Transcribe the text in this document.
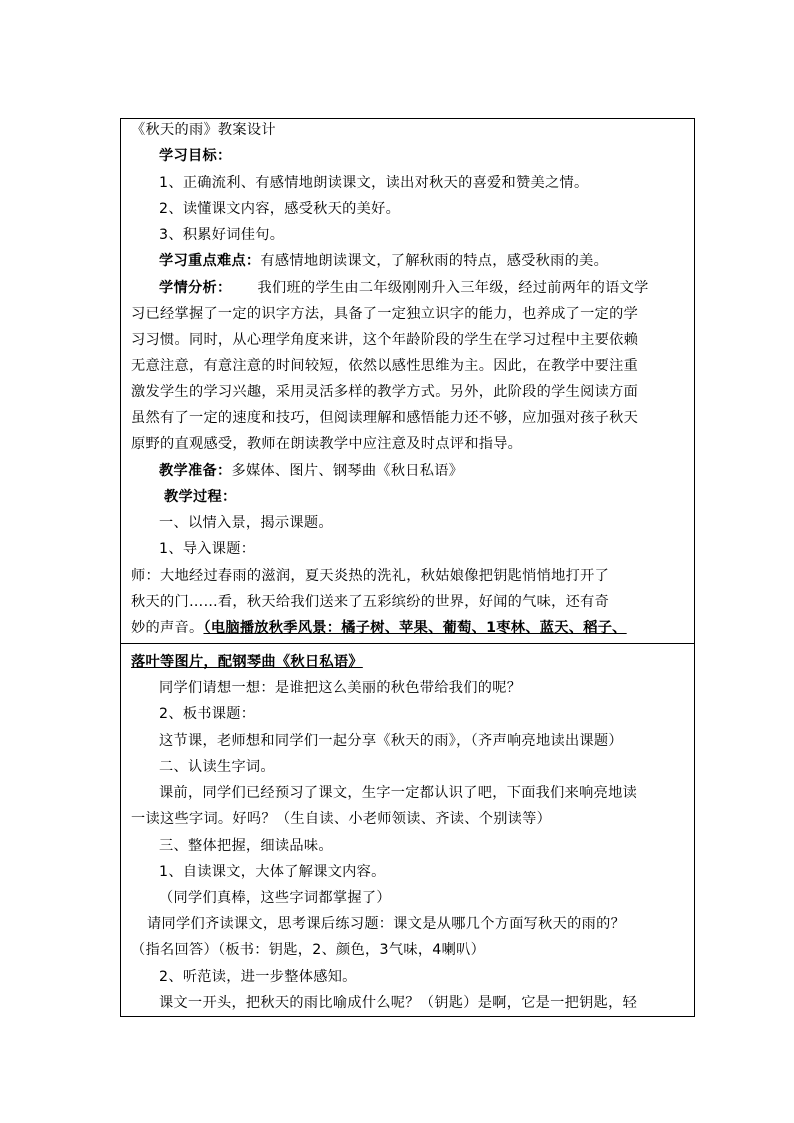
《秋天的雨》教案设计
学习目标：
1、正确流利、有感情地朗读课文，读出对秋天的喜爱和赞美之情。
2、读懂课文内容，感受秋天的美好。
3、积累好词佳句。
学习重点难点：有感情地朗读课文，了解秋雨的特点，感受秋雨的美。
学情分析： 我们班的学生由二年级刚刚升入三年级，经过前两年的语文学
习已经掌握了一定的识字方法，具备了一定独立识字的能力，也养成了一定的学
习习惯。同时，从心理学角度来讲，这个年龄阶段的学生在学习过程中主要依赖
无意注意，有意注意的时间较短，依然以感性思维为主。因此，在教学中要注重
激发学生的学习兴趣，采用灵活多样的教学方式。另外，此阶段的学生阅读方面
虽然有了一定的速度和技巧，但阅读理解和感悟能力还不够，应加强对孩子秋天
原野的直观感受，教师在朗读教学中应注意及时点评和指导。
教学准备：多媒体、图片、钢琴曲《秋日私语》
教学过程：
一、以情入景，揭示课题。
1、导入课题：
师：大地经过春雨的滋润，夏天炎热的洗礼，秋姑娘像把钥匙悄悄地打开了
秋天的门……看，秋天给我们送来了五彩缤纷的世界，好闻的气味，还有奇
妙的声音。（电脑播放秋季风景：橘子树、苹果、葡萄、1枣林、蓝天、稻子、
落叶等图片，配钢琴曲《秋日私语》
同学们请想一想：是谁把这么美丽的秋色带给我们的呢？
2、板书课题：
这节课，老师想和同学们一起分享《秋天的雨》，（齐声响亮地读出课题）
二、认读生字词。
课前，同学们已经预习了课文，生字一定都认识了吧，下面我们来响亮地读
一读这些字词。好吗？（生自读、小老师领读、齐读、个别读等）
三、整体把握，细读品味。
1、自读课文，大体了解课文内容。
（同学们真棒，这些字词都掌握了）
请同学们齐读课文，思考课后练习题：课文是从哪几个方面写秋天的雨的？
（指名回答）（板书：钥匙，2、颜色，3气味，4喇叭）
2、听范读，进一步整体感知。
课文一开头，把秋天的雨比喻成什么呢？（钥匙）是啊，它是一把钥匙，轻
